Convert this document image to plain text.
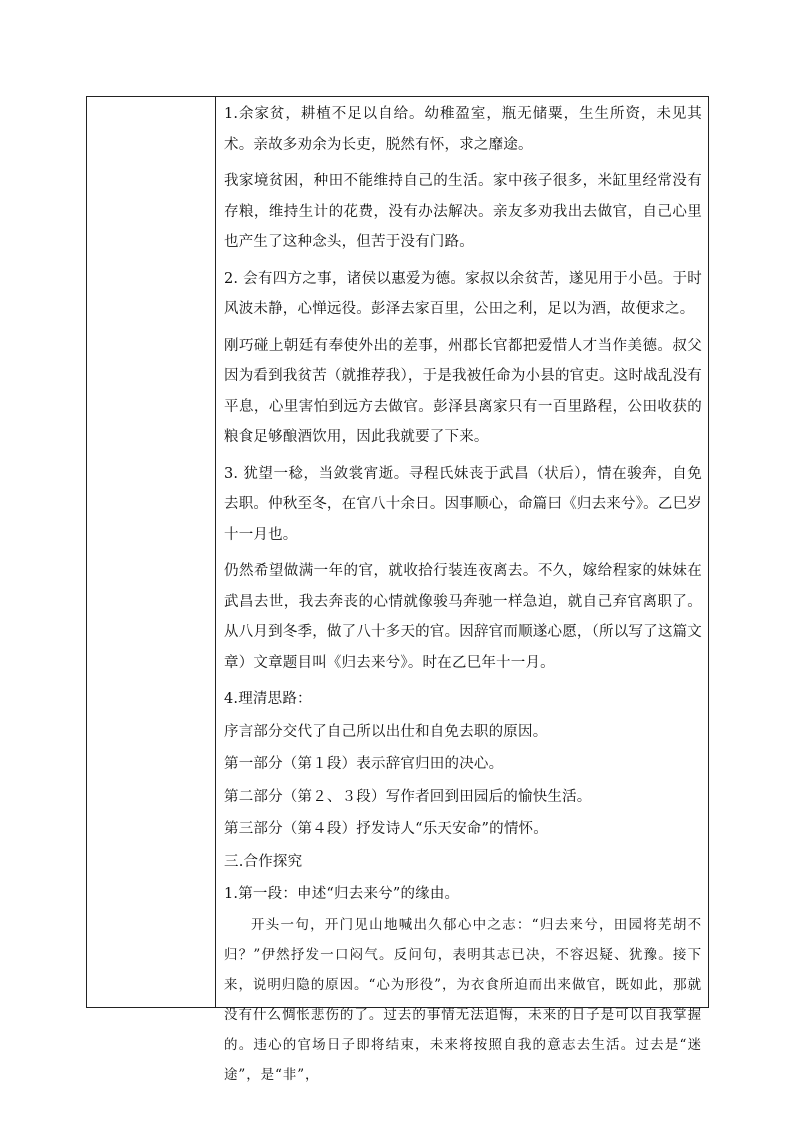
1.余家贫，耕植不足以自给。幼稚盈室，瓶无储粟，生生所资，未见其术。亲故多劝余为长吏，脱然有怀，求之靡途。

我家境贫困，种田不能维持自己的生活。家中孩子很多，米缸里经常没有存粮，维持生计的花费，没有办法解决。亲友多劝我出去做官，自己心里也产生了这种念头，但苦于没有门路。

2. 会有四方之事，诸侯以惠爱为德。家叔以余贫苦，遂见用于小邑。于时风波未静，心惮远役。彭泽去家百里，公田之利，足以为酒，故便求之。

刚巧碰上朝廷有奉使外出的差事，州郡长官都把爱惜人才当作美德。叔父因为看到我贫苦（就推荐我），于是我被任命为小县的官吏。这时战乱没有平息，心里害怕到远方去做官。彭泽县离家只有一百里路程，公田收获的粮食足够酿酒饮用，因此我就要了下来。

3. 犹望一稔，当敛裳宵逝。寻程氏妹丧于武昌（状后），情在骏奔，自免去职。仲秋至冬，在官八十余日。因事顺心，命篇曰《归去来兮》。乙巳岁十一月也。

仍然希望做满一年的官，就收拾行装连夜离去。不久，嫁给程家的妹妹在武昌去世，我去奔丧的心情就像骏马奔驰一样急迫，就自己弃官离职了。从八月到冬季，做了八十多天的官。因辞官而顺遂心愿，（所以写了这篇文章）文章题目叫《归去来兮》。时在乙巳年十一月。

4.理清思路：

序言部分交代了自己所以出仕和自免去职的原因。

第一部分（第１段）表示辞官归田的决心。

第二部分（第２、３段）写作者回到田园后的愉快生活。

第三部分（第４段）抒发诗人“乐天安命”的情怀。

三.合作探究

1.第一段：申述“归去来兮”的缘由。

开头一句，开门见山地喊出久郁心中之志：“归去来兮，田园将芜胡不归？”伊然抒发一口闷气。反问句，表明其志已决，不容迟疑、犹豫。接下来，说明归隐的原因。“心为形役”，为衣食所迫而出来做官，既如此，那就没有什么惆怅悲伤的了。过去的事情无法追悔，未来的日子是可以自我掌握的。违心的官场日子即将结束，未来将按照自我的意志去生活。过去是“迷途”，是“非”，
